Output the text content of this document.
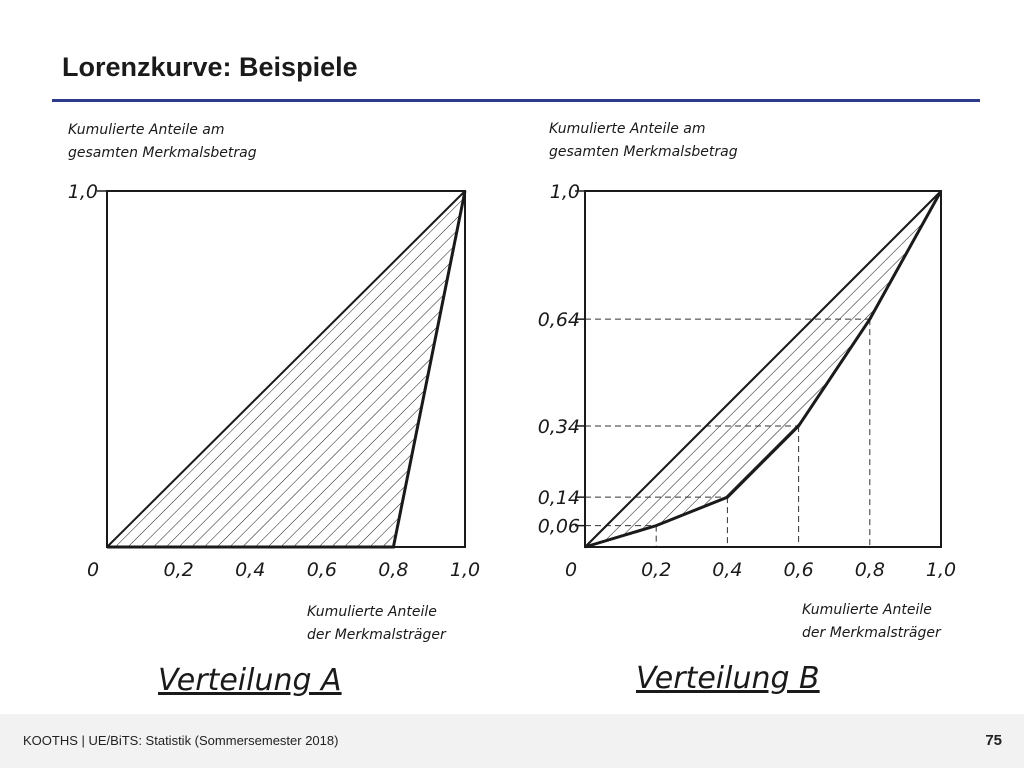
Lorenzkurve: Beispiele
0	0,2 0,4 0,6 0,8 1,0
1,0
Kumulierte Anteile am
gesamten Merkmalsbetrag
Kumulierte Anteile
der Merkmalsträger
Verteilung A
0	0,2 0,4 0,6 0,8 1,0
0,06
0,14
0,34
0,64
1,0
Kumulierte Anteile am
gesamten Merkmalsbetrag
Kumulierte Anteile
der Merkmalsträger
Verteilung B
KOOTHS | UE/BiTS: Statistik (Sommersemester 2018)	75
